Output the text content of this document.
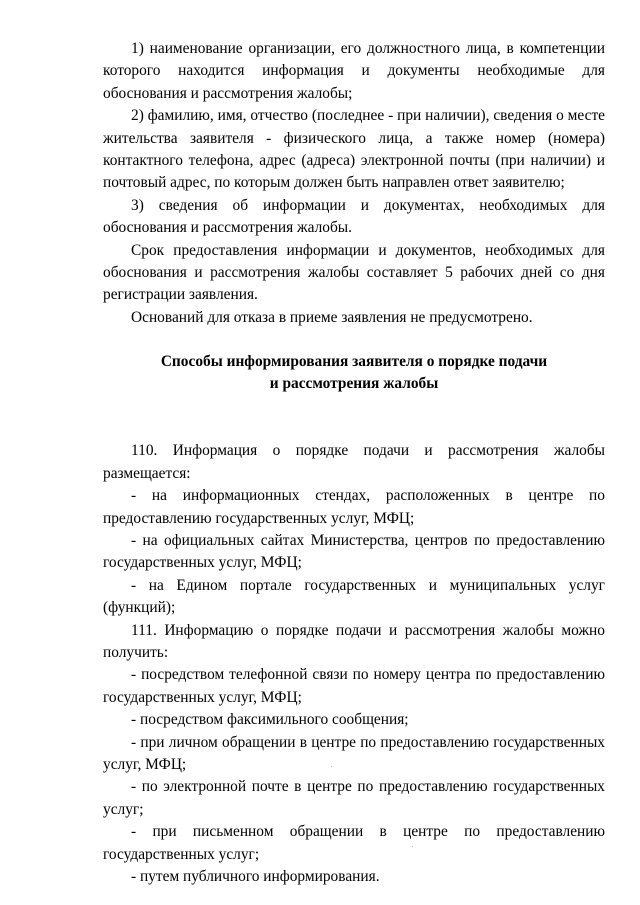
1) наименование организации, его должностного лица, в компетенции которого находится информация и документы необходимые для обоснования и рассмотрения жалобы;

2) фамилию, имя, отчество (последнее - при наличии), сведения о месте жительства заявителя - физического лица, а также номер (номера) контактного телефона, адрес (адреса) электронной почты (при наличии) и почтовый адрес, по которым должен быть направлен ответ заявителю;

3) сведения об информации и документах, необходимых для обоснования и рассмотрения жалобы.

Срок предоставления информации и документов, необходимых для обоснования и рассмотрения жалобы составляет 5 рабочих дней со дня регистрации заявления.

Оснований для отказа в приеме заявления не предусмотрено.

Способы информирования заявителя о порядке подачи
и рассмотрения жалобы

110. Информация о порядке подачи и рассмотрения жалобы размещается:

- на информационных стендах, расположенных в центре по предоставлению государственных услуг, МФЦ;

- на официальных сайтах Министерства, центров по предоставлению государственных услуг, МФЦ;

- на Едином портале государственных и муниципальных услуг (функций);

111. Информацию о порядке подачи и рассмотрения жалобы можно получить:

- посредством телефонной связи по номеру центра по предоставлению государственных услуг, МФЦ;

- посредством факсимильного сообщения;

- при личном обращении в центре по предоставлению государственных услуг, МФЦ;

- по электронной почте в центре по предоставлению государственных услуг;

- при письменном обращении в центре по предоставлению государственных услуг;

- путем публичного информирования.
